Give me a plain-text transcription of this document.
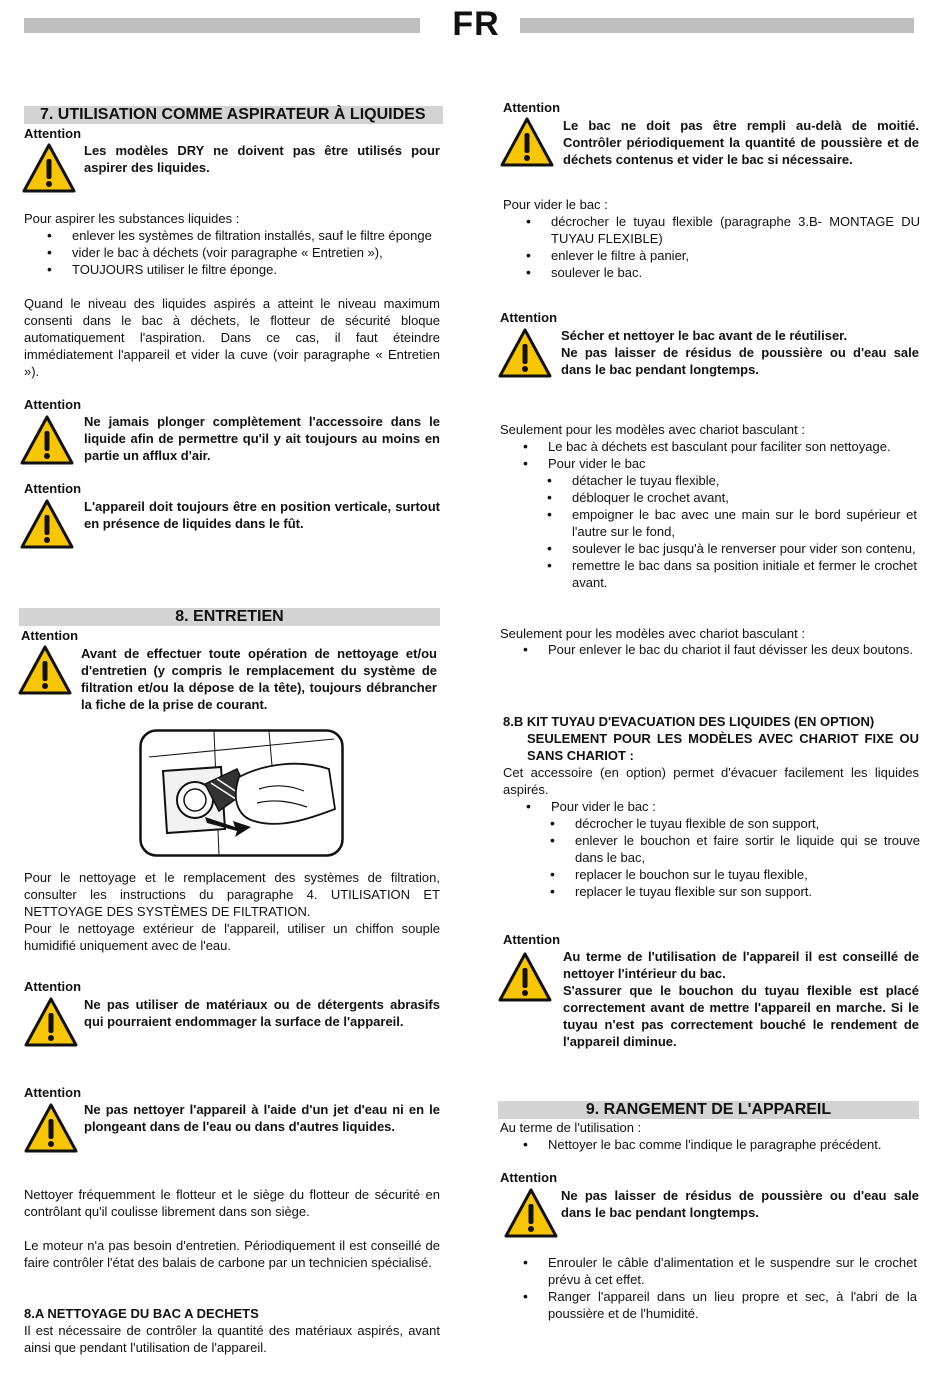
FR
7. UTILISATION COMME ASPIRATEUR À LIQUIDES
Attention
Les modèles DRY ne doivent pas être utilisés pour aspirer des liquides.
Pour aspirer les substances liquides :
• enlever les systèmes de filtration installés, sauf le filtre éponge
• vider le bac à déchets (voir paragraphe « Entretien »),
• TOUJOURS utiliser le filtre éponge.
Quand le niveau des liquides aspirés a atteint le niveau maximum consenti dans le bac à déchets, le flotteur de sécurité bloque automatiquement l'aspiration. Dans ce cas, il faut éteindre immédiatement l'appareil et vider la cuve (voir paragraphe « Entretien »).
Attention
Ne jamais plonger complètement l'accessoire dans le liquide afin de permettre qu'il y ait toujours au moins en partie un afflux d'air.
Attention
L'appareil doit toujours être en position verticale, surtout en présence de liquides dans le fût.
8. ENTRETIEN
Attention
Avant de effectuer toute opération de nettoyage et/ou d'entretien (y compris le remplacement du système de filtration et/ou la dépose de la tête), toujours débrancher la fiche de la prise de courant.
Pour le nettoyage et le remplacement des systèmes de filtration, consulter les instructions du paragraphe 4. UTILISATION ET NETTOYAGE DES SYSTÈMES DE FILTRATION.
Pour le nettoyage extérieur de l'appareil, utiliser un chiffon souple humidifié uniquement avec de l'eau.
Attention
Ne pas utiliser de matériaux ou de détergents abrasifs qui pourraient endommager la surface de l'appareil.
Attention
Ne pas nettoyer l'appareil à l'aide d'un jet d'eau ni en le plongeant dans de l'eau ou dans d'autres liquides.
Nettoyer fréquemment le flotteur et le siège du flotteur de sécurité en contrôlant qu'il coulisse librement dans son siège.
Le moteur n'a pas besoin d'entretien. Périodiquement il est conseillé de faire contrôler l'état des balais de carbone par un technicien spécialisé.
8.A NETTOYAGE DU BAC A DECHETS
Il est nécessaire de contrôler la quantité des matériaux aspirés, avant ainsi que pendant l'utilisation de l'appareil.
Attention
Le bac ne doit pas être rempli au-delà de moitié. Contrôler périodiquement la quantité de poussière et de déchets contenus et vider le bac si nécessaire.
Pour vider le bac :
• décrocher le tuyau flexible (paragraphe 3.B- MONTAGE DU TUYAU FLEXIBLE)
• enlever le filtre à panier,
• soulever le bac.
Attention
Sécher et nettoyer le bac avant de le réutiliser.
Ne pas laisser de résidus de poussière ou d'eau sale dans le bac pendant longtemps.
Seulement pour les modèles avec chariot basculant :
• Le bac à déchets est basculant pour faciliter son nettoyage.
• Pour vider le bac
• détacher le tuyau flexible,
• débloquer le crochet avant,
• empoigner le bac avec une main sur le bord supérieur et l'autre sur le fond,
• soulever le bac jusqu'à le renverser pour vider son contenu,
• remettre le bac dans sa position initiale et fermer le crochet avant.
Seulement pour les modèles avec chariot basculant :
• Pour enlever le bac du chariot il faut dévisser les deux boutons.
8.B KIT TUYAU D'EVACUATION DES LIQUIDES (EN OPTION)
SEULEMENT POUR LES MODÈLES AVEC CHARIOT FIXE OU SANS CHARIOT :
Cet accessoire (en option) permet d'évacuer facilement les liquides aspirés.
• Pour vider le bac :
• décrocher le tuyau flexible de son support,
• enlever le bouchon et faire sortir le liquide qui se trouve dans le bac,
• replacer le bouchon sur le tuyau flexible,
• replacer le tuyau flexible sur son support.
Attention
Au terme de l'utilisation de l'appareil il est conseillé de nettoyer l'intérieur du bac.
S'assurer que le bouchon du tuyau flexible est placé correctement avant de mettre l'appareil en marche. Si le tuyau n'est pas correctement bouché le rendement de l'appareil diminue.
9. RANGEMENT DE L'APPAREIL
Au terme de l'utilisation :
• Nettoyer le bac comme l'indique le paragraphe précédent.
Attention
Ne pas laisser de résidus de poussière ou d'eau sale dans le bac pendant longtemps.
• Enrouler le câble d'alimentation et le suspendre sur le crochet prévu à cet effet.
• Ranger l'appareil dans un lieu propre et sec, à l'abri de la poussière et de l'humidité.
